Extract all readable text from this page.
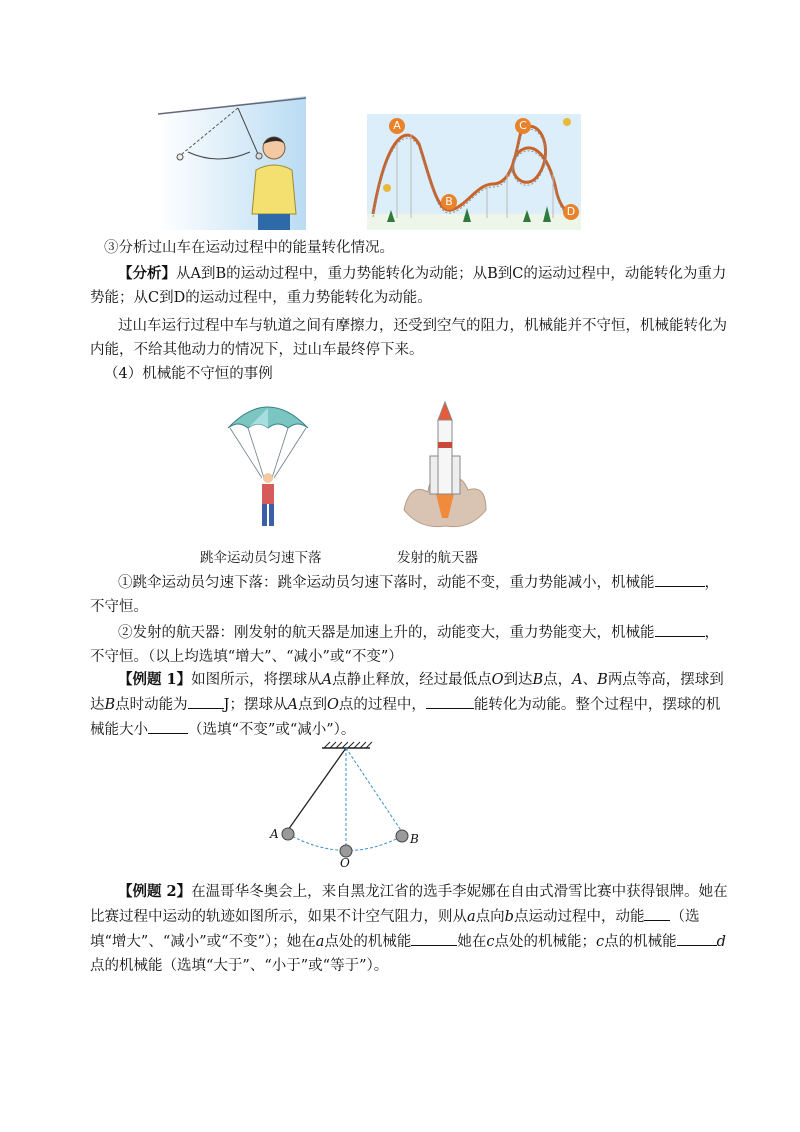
A
B
C
D
③分析过山车在运动过程中的能量转化情况。
【分析】从A到B的运动过程中，重力势能转化为动能；从B到C的运动过程中，动能转化为重力势能；从C到D的运动过程中，重力势能转化为动能。
过山车运行过程中车与轨道之间有摩擦力，还受到空气的阻力，机械能并不守恒，机械能转化为内能，不给其他动力的情况下，过山车最终停下来。
（4）机械能不守恒的事例
跳伞运动员匀速下落	发射的航天器
①跳伞运动员匀速下落：跳伞运动员匀速下落时，动能不变，重力势能减小，机械能	，不守恒。
②发射的航天器：刚发射的航天器是加速上升的，动能变大，重力势能变大，机械能	，不守恒。（以上均选填“增大”、“减小”或“不变”）
【例题 1】如图所示，将摆球从A点静止释放，经过最低点O到达B点，A、B两点等高，摆球到达B点时动能为 J；摆球从A点到O点的过程中，	能转化为动能。整个过程中，摆球的机械能大小	（选填“不变”或“减小”）。
A
O
B
【例题 2】在温哥华冬奥会上，来自黑龙江省的选手李妮娜在自由式滑雪比赛中获得银牌。她在比赛过程中运动的轨迹如图所示，如果不计空气阻力，则从a点向b点运动过程中，动能 （选填“增大”、“减小”或“不变”）；她在a点处的机械能	她在c点处的机械能；c点的机械能	d点的机械能（选填“大于”、“小于”或“等于”）。
